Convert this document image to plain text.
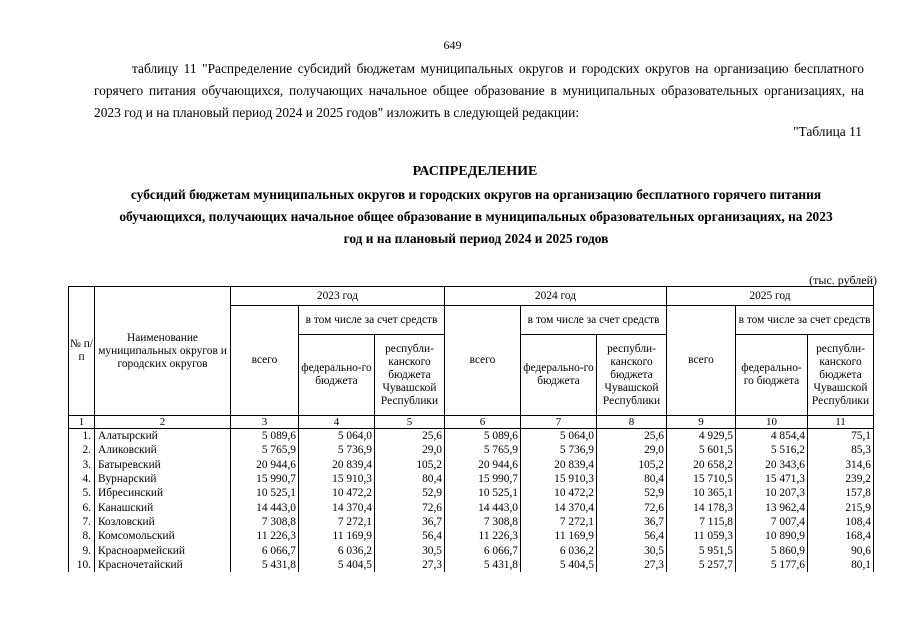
649

таблицу 11 "Распределение субсидий бюджетам муниципальных округов и городских округов на организацию бесплатного горячего питания обучающихся, получающих начальное общее образование в муниципальных образовательных организациях, на 2023 год и на плановый период 2024 и 2025 годов" изложить в следующей редакции:

"Таблица 11
РАСПРЕДЕЛЕНИЕ

субсидий бюджетам муниципальных округов и городских округов на организацию бесплатного горячего питания обучающихся, получающих начальное общее образование в муниципальных образовательных организациях, на 2023 год и на плановый период 2024 и 2025 годов

(тыс. рублей)
№ п/п	Наименование муниципальных округов и городских округов	2023 год			2024 год			2025 год		
		всего	в том числе за счет средств		всего	в том числе за счет средств		всего	в том числе за счет средств	
			федерально-го бюджета	республи-канского бюджета Чувашской Республики		федерально-го бюджета	республи-канского бюджета Чувашской Республики		федерально-го бюджета	республи-канского бюджета Чувашской Республики
1	2	3	4	5	6	7	8	9	10	11
1.	Алатырский	5 089,6	5 064,0	25,6	5 089,6	5 064,0	25,6	4 929,5	4 854,4	75,1
2.	Аликовский	5 765,9	5 736,9	29,0	5 765,9	5 736,9	29,0	5 601,5	5 516,2	85,3
3.	Батыревский	20 944,6	20 839,4	105,2	20 944,6	20 839,4	105,2	20 658,2	20 343,6	314,6
4.	Вурнарский	15 990,7	15 910,3	80,4	15 990,7	15 910,3	80,4	15 710,5	15 471,3	239,2
5.	Ибресинский	10 525,1	10 472,2	52,9	10 525,1	10 472,2	52,9	10 365,1	10 207,3	157,8
6.	Канашский	14 443,0	14 370,4	72,6	14 443,0	14 370,4	72,6	14 178,3	13 962,4	215,9
7.	Козловский	7 308,8	7 272,1	36,7	7 308,8	7 272,1	36,7	7 115,8	7 007,4	108,4
8.	Комсомольский	11 226,3	11 169,9	56,4	11 226,3	11 169,9	56,4	11 059,3	10 890,9	168,4
9.	Красноармейский	6 066,7	6 036,2	30,5	6 066,7	6 036,2	30,5	5 951,5	5 860,9	90,6
10.	Красночетайский	5 431,8	5 404,5	27,3	5 431,8	5 404,5	27,3	5 257,7	5 177,6	80,1
